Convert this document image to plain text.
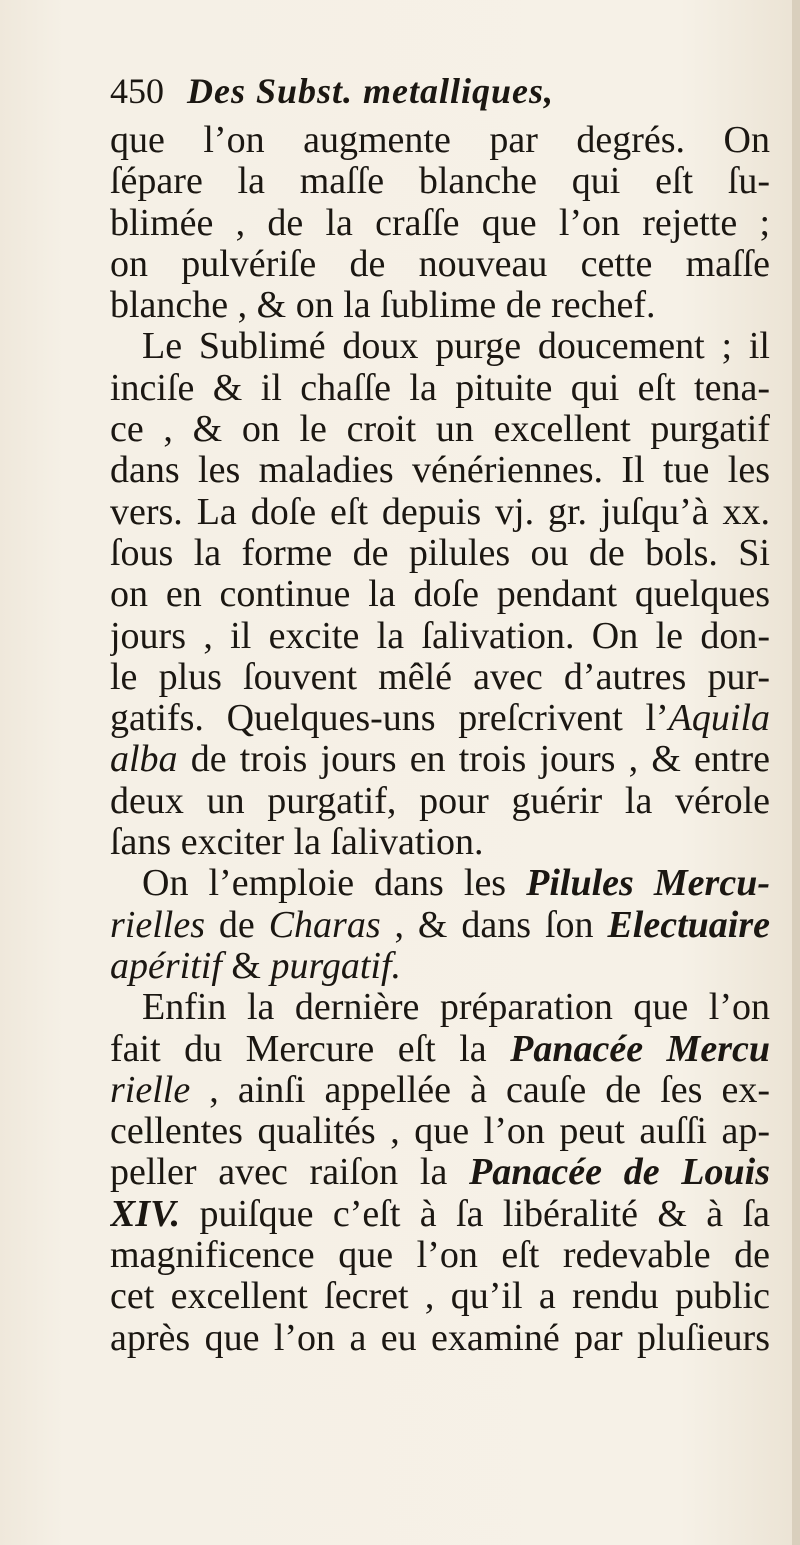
450 Des Subst. metalliques,
que l’on augmente par degrés. On
ſépare la maſſe blanche qui eſt ſu-
blimée , de la craſſe que l’on rejette ;
on pulvériſe de nouveau cette maſſe
blanche , & on la ſublime de rechef.
Le Sublimé doux purge doucement ; il
inciſe & il chaſſe la pituite qui eſt tena-
ce , & on le croit un excellent purgatif
dans les maladies vénériennes. Il tue les
vers. La doſe eſt depuis vj. gr. juſqu’à xx.
ſous la forme de pilules ou de bols. Si
on en continue la doſe pendant quelques
jours , il excite la ſalivation. On le don-
le plus ſouvent mêlé avec d’autres pur-
gatifs. Quelques-uns preſcrivent l’Aquila
alba de trois jours en trois jours , & entre
deux un purgatif, pour guérir la vérole
ſans exciter la ſalivation.
On l’emploie dans les Pilules Mercu-
rielles de Charas , & dans ſon Electuaire
apéritif & purgatif.
Enfin la dernière préparation que l’on
fait du Mercure eſt la Panacée Mercu
rielle , ainſi appellée à cauſe de ſes ex-
cellentes qualités , que l’on peut auſſi ap-
peller avec raiſon la Panacée de Louis
XIV. puiſque c’eſt à ſa libéralité & à ſa
magnificence que l’on eſt redevable de
cet excellent ſecret , qu’il a rendu public
après que l’on a eu examiné par pluſieurs
